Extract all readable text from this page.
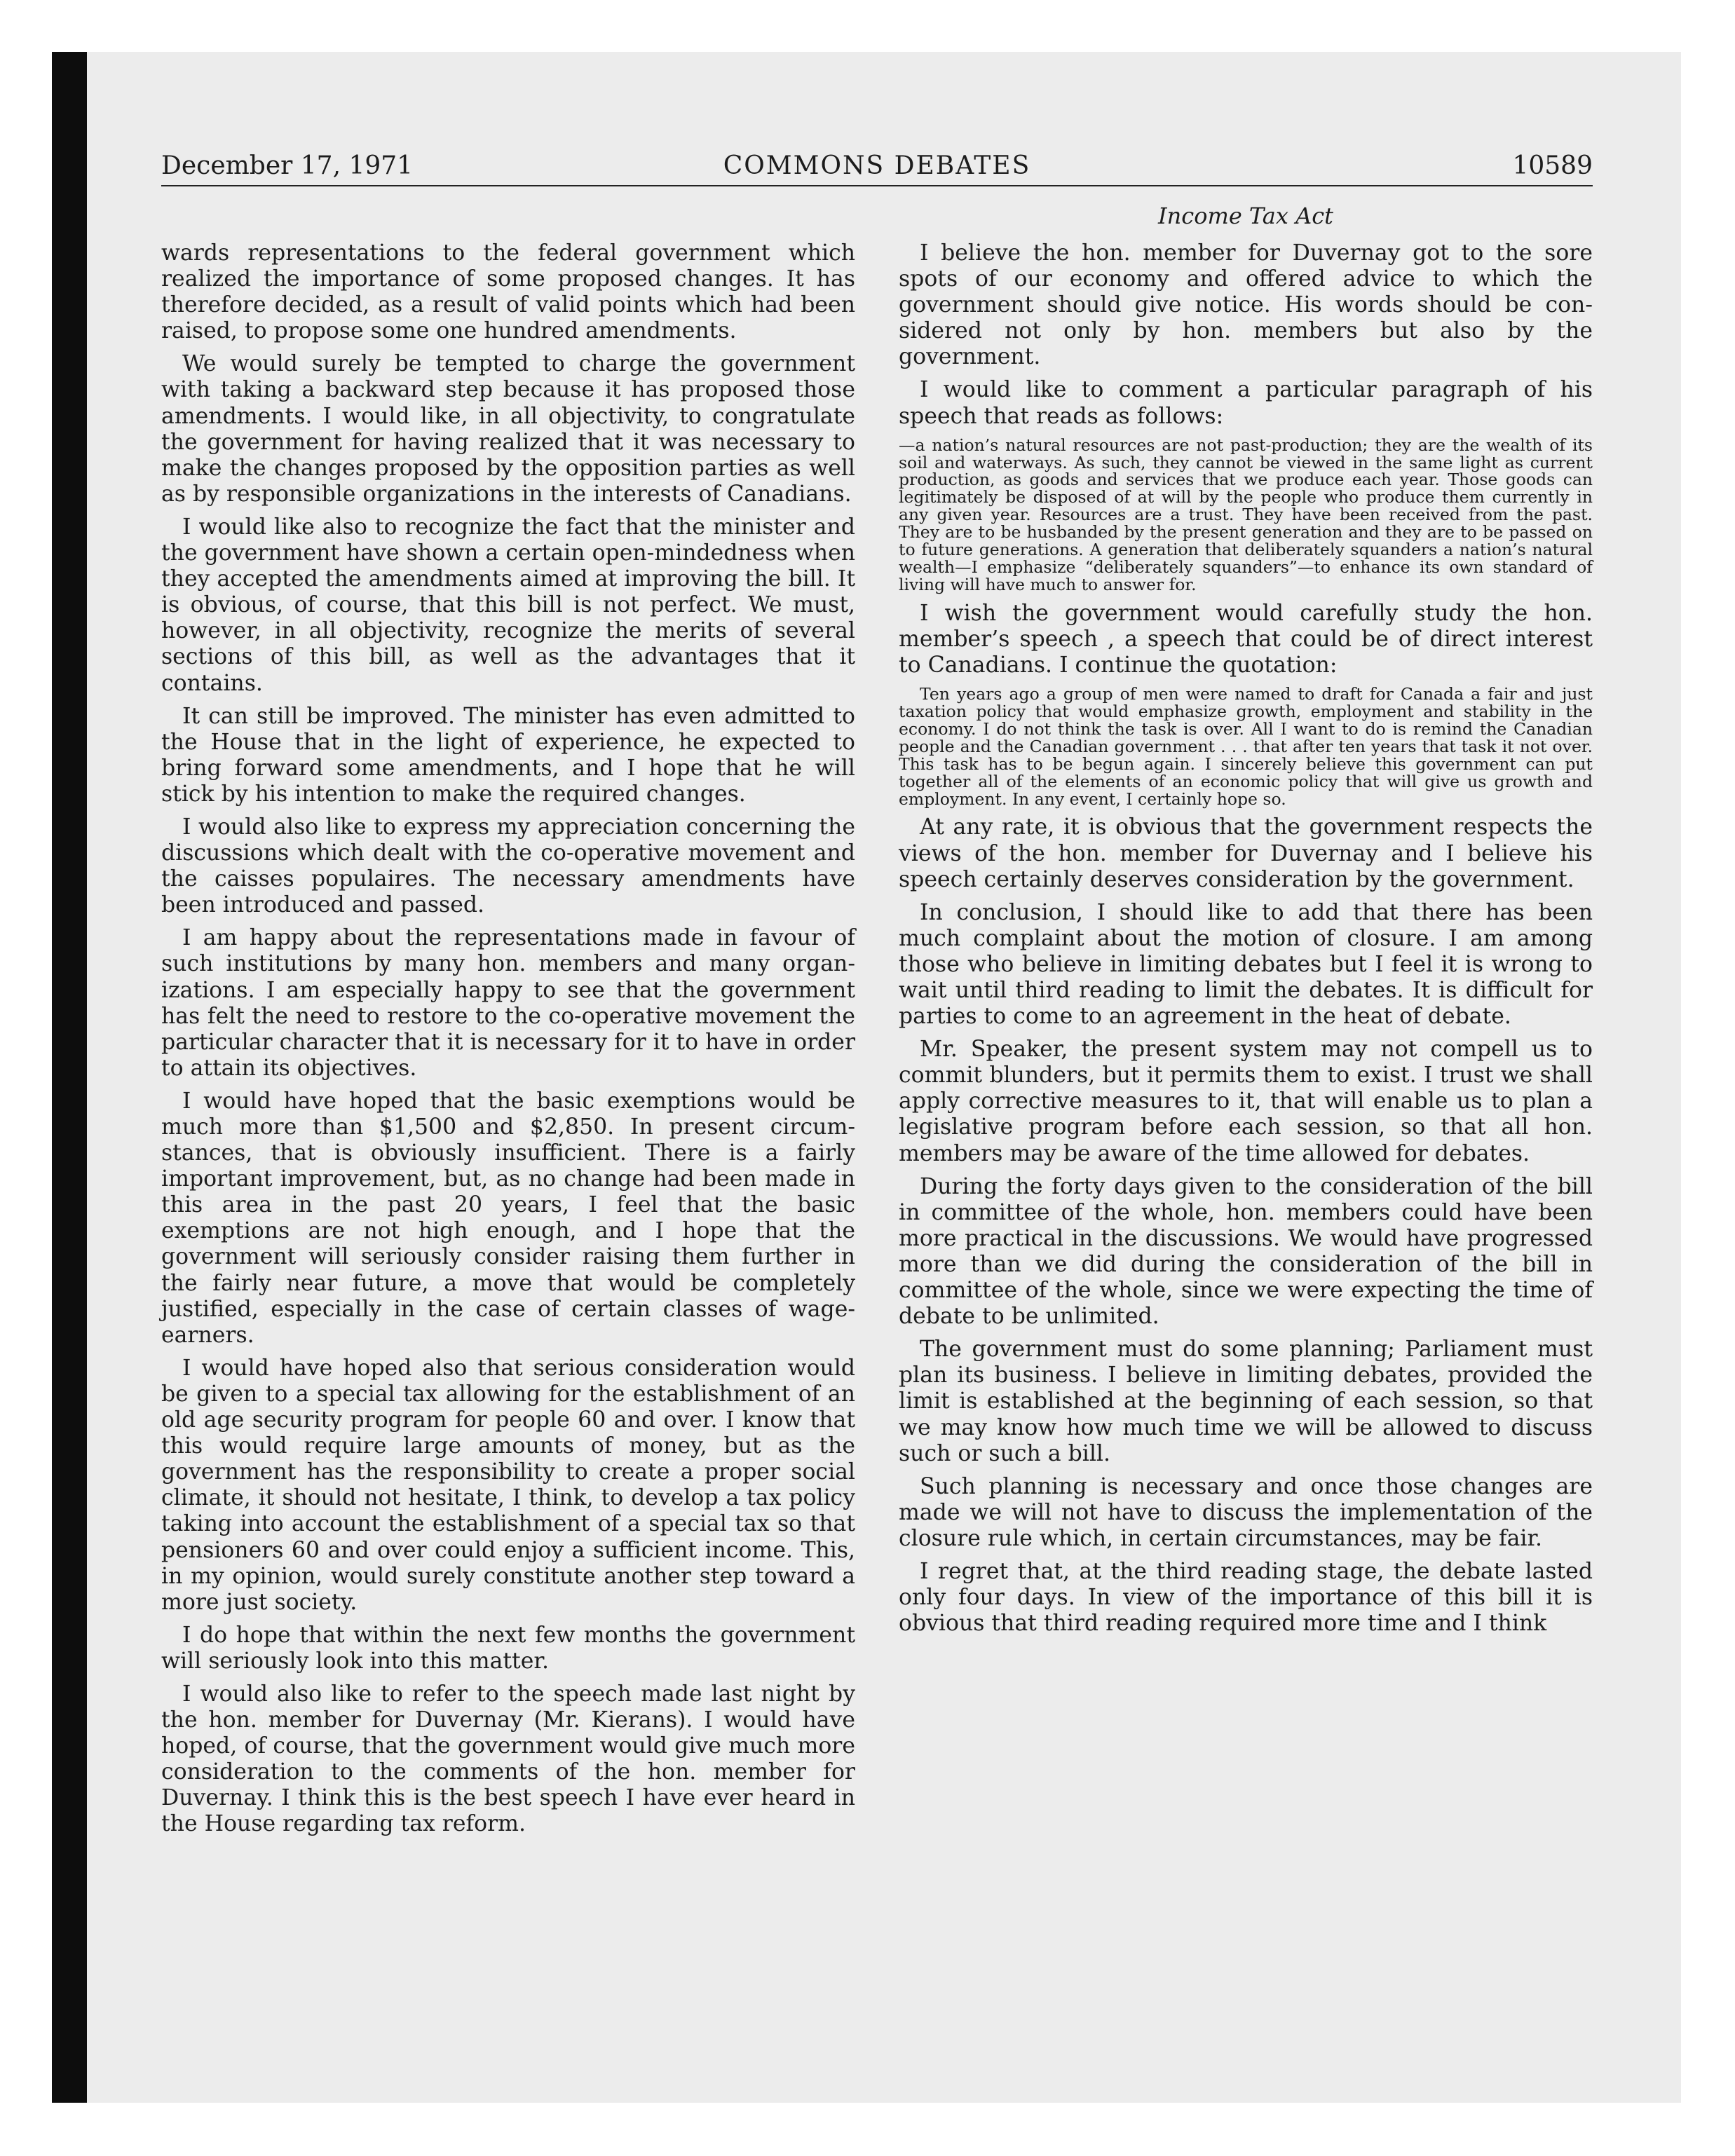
December 17, 1971	COMMONS DEBATES	10589
Income Tax Act

wards representations to the federal government which realized the importance of some proposed changes. It has therefore decided, as a result of valid points which had been raised, to propose some one hundred amendments.

We would surely be tempted to charge the government with taking a backward step because it has proposed those amendments. I would like, in all objectivity, to congratulate the government for having realized that it was necessary to make the changes proposed by the opposition parties as well as by responsible organizations in the interests of Canadians.

I would like also to recognize the fact that the minister and the government have shown a certain open-mindedness when they accepted the amendments aimed at improving the bill. It is obvious, of course, that this bill is not perfect. We must, however, in all objectivity, recognize the merits of several sections of this bill, as well as the advantages that it contains.

It can still be improved. The minister has even admitted to the House that in the light of experience, he expected to bring forward some amendments, and I hope that he will stick by his intention to make the required changes.

I would also like to express my appreciation concerning the discussions which dealt with the co-operative movement and the caisses populaires. The necessary amendments have been introduced and passed.

I am happy about the representations made in favour of such institutions by many hon. members and many organizations. I am especially happy to see that the government has felt the need to restore to the co-operative movement the particular character that it is necessary for it to have in order to attain its objectives.

I would have hoped that the basic exemptions would be much more than $1,500 and $2,850. In present circumstances, that is obviously insufficient. There is a fairly important improvement, but, as no change had been made in this area in the past 20 years, I feel that the basic exemptions are not high enough, and I hope that the government will seriously consider raising them further in the fairly near future, a move that would be completely justified, especially in the case of certain classes of wage-earners.

I would have hoped also that serious consideration would be given to a special tax allowing for the establishment of an old age security program for people 60 and over. I know that this would require large amounts of money, but as the government has the responsibility to create a proper social climate, it should not hesitate, I think, to develop a tax policy taking into account the establishment of a special tax so that pensioners 60 and over could enjoy a sufficient income. This, in my opinion, would surely constitute another step toward a more just society.

I do hope that within the next few months the government will seriously look into this matter.

I would also like to refer to the speech made last night by the hon. member for Duvernay (Mr. Kierans). I would have hoped, of course, that the government would give much more consideration to the comments of the hon. member for Duvernay. I think this is the best speech I have ever heard in the House regarding tax reform.

I believe the hon. member for Duvernay got to the sore spots of our economy and offered advice to which the government should give notice. His words should be considered not only by hon. members but also by the government.

I would like to comment a particular paragraph of his speech that reads as follows:

—a nation’s natural resources are not past-production; they are the wealth of its soil and waterways. As such, they cannot be viewed in the same light as current production, as goods and services that we produce each year. Those goods can legitimately be disposed of at will by the people who produce them currently in any given year. Resources are a trust. They have been received from the past. They are to be husbanded by the present generation and they are to be passed on to future generations. A generation that deliberately squanders a nation’s natural wealth—I emphasize “deliberately squanders”—to enhance its own standard of living will have much to answer for.

I wish the government would carefully study the hon. member’s speech , a speech that could be of direct interest to Canadians. I continue the quotation:

Ten years ago a group of men were named to draft for Canada a fair and just taxation policy that would emphasize growth, employment and stability in the economy. I do not think the task is over. All I want to do is remind the Canadian people and the Canadian government . . . that after ten years that task it not over. This task has to be begun again. I sincerely believe this government can put together all of the elements of an economic policy that will give us growth and employment. In any event, I certainly hope so.

At any rate, it is obvious that the government respects the views of the hon. member for Duvernay and I believe his speech certainly deserves consideration by the government.

In conclusion, I should like to add that there has been much complaint about the motion of closure. I am among those who believe in limiting debates but I feel it is wrong to wait until third reading to limit the debates. It is difficult for parties to come to an agreement in the heat of debate.

Mr. Speaker, the present system may not compell us to commit blunders, but it permits them to exist. I trust we shall apply corrective measures to it, that will enable us to plan a legislative program before each session, so that all hon. members may be aware of the time allowed for debates.

During the forty days given to the consideration of the bill in committee of the whole, hon. members could have been more practical in the discussions. We would have progressed more than we did during the consideration of the bill in committee of the whole, since we were expecting the time of debate to be unlimited.

The government must do some planning; Parliament must plan its business. I believe in limiting debates, provided the limit is established at the beginning of each session, so that we may know how much time we will be allowed to discuss such or such a bill.

Such planning is necessary and once those changes are made we will not have to discuss the implementation of the closure rule which, in certain circumstances, may be fair.

I regret that, at the third reading stage, the debate lasted only four days. In view of the importance of this bill it is obvious that third reading required more time and I think
